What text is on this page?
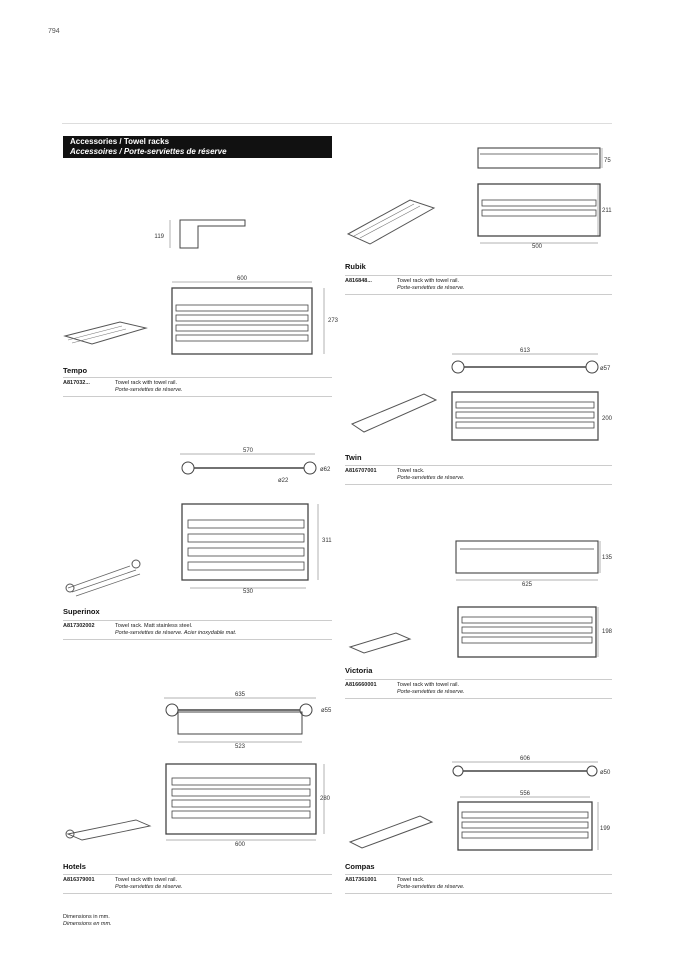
794
Accessories / Towel racks
Accessoires / Porte-serviettes de réserve
119
600
273
Tempo
A817032...	Towel rack with towel rail.
Porte-serviettes de réserve.
570
ø62
ø22
311
530
Superinox
A817302002	Towel rack. Matt stainless steel.
Porte-serviettes de réserve. Acier inoxydable mat.
635
ø55
523
280
600
Hotels
A816379001	Towel rack with towel rail.
Porte-serviettes de réserve.
75
211
500
Rubik
A816848...	Towel rack with towel rail.
Porte-serviettes de réserve.
613
ø57
200
Twin
A816707001	Towel rack.
Porte-serviettes de réserve.
135
625
198
Victoria
A816660001	Towel rack with towel rail.
Porte-serviettes de réserve.
606
ø50
556
199
Compas
A817361001	Towel rack.
Porte-serviettes de réserve.
Dimensions in mm.
Dimensions en mm.
